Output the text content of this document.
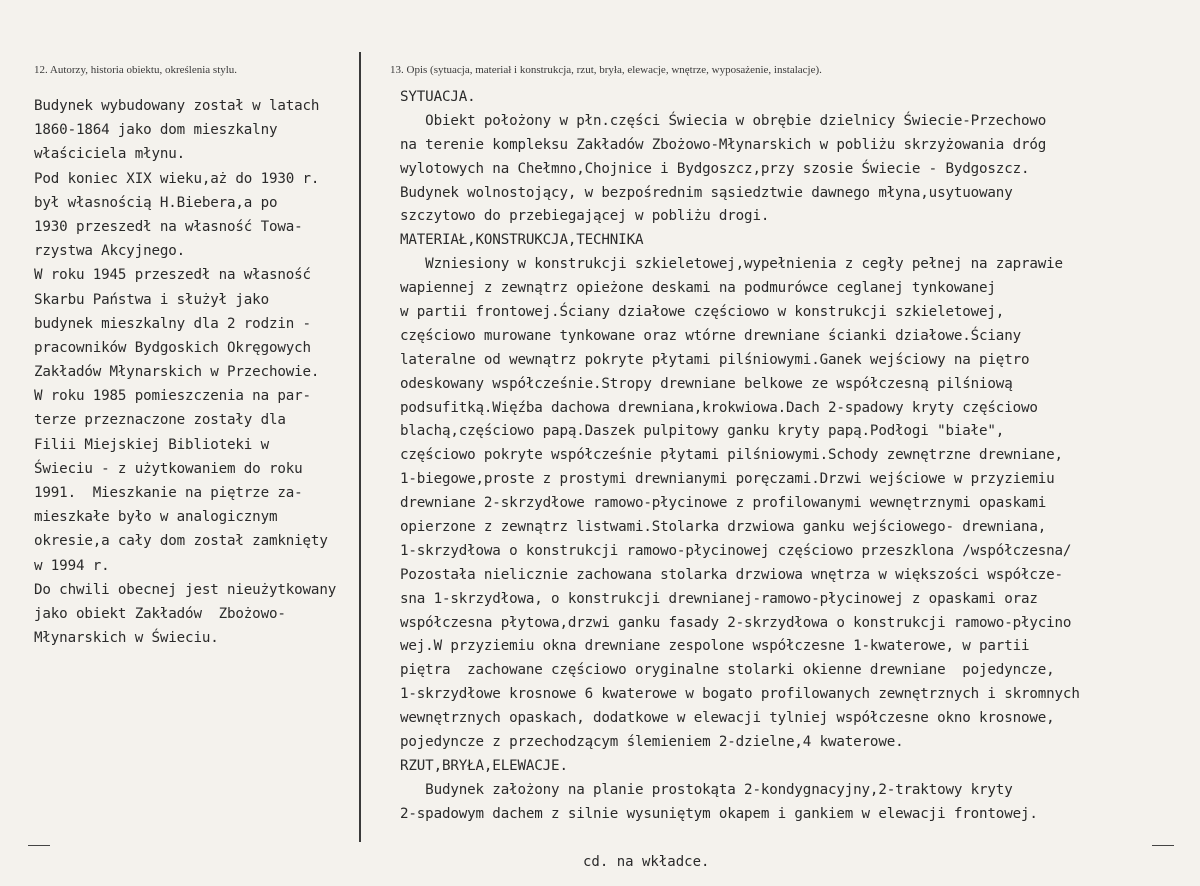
12. Autorzy, historia obiektu, określenia stylu.	13. Opis (sytuacja, materiał i konstrukcja, rzut, bryła, elewacje, wnętrze, wyposażenie, instalacje).
Budynek wybudowany został w latach
1860-1864 jako dom mieszkalny
właściciela młynu.
Pod koniec XIX wieku,aż do 1930 r.
był własnością H.Biebera,a po
1930 przeszedł na własność Towa-
rzystwa Akcyjnego.
W roku 1945 przeszedł na własność
Skarbu Państwa i służył jako
budynek mieszkalny dla 2 rodzin -
pracowników Bydgoskich Okręgowych
Zakładów Młynarskich w Przechowie.
W roku 1985 pomieszczenia na par-
terze przeznaczone zostały dla
Filii Miejskiej Biblioteki w
Świeciu - z użytkowaniem do roku
1991.  Mieszkanie na piętrze za-
mieszkałe było w analogicznym
okresie,a cały dom został zamknięty
w 1994 r.
Do chwili obecnej jest nieużytkowany
jako obiekt Zakładów  Zbożowo-
Młynarskich w Świeciu.
SYTUACJA.
Obiekt położony w płn.części Świecia w obrębie dzielnicy Świecie-Przechowo
na terenie kompleksu Zakładów Zbożowo-Młynarskich w pobliżu skrzyżowania dróg
wylotowych na Chełmno,Chojnice i Bydgoszcz,przy szosie Świecie - Bydgoszcz.
Budynek wolnostojący, w bezpośrednim sąsiedztwie dawnego młyna,usytuowany
szczytowo do przebiegającej w pobliżu drogi.
MATERIAŁ,KONSTRUKCJA,TECHNIKA
Wzniesiony w konstrukcji szkieletowej,wypełnienia z cegły pełnej na zaprawie
wapiennej z zewnątrz opieżone deskami na podmurówce ceglanej tynkowanej
w partii frontowej.Ściany działowe częściowo w konstrukcji szkieletowej,
częściowo murowane tynkowane oraz wtórne drewniane ścianki działowe.Ściany
lateralne od wewnątrz pokryte płytami pilśniowymi.Ganek wejściowy na piętro
odeskowany współcześnie.Stropy drewniane belkowe ze współczesną pilśniową
podsufitką.Więźba dachowa drewniana,krokwiowa.Dach 2-spadowy kryty częściowo
blachą,częściowo papą.Daszek pulpitowy ganku kryty papą.Podłogi "białe",
częściowo pokryte współcześnie płytami pilśniowymi.Schody zewnętrzne drewniane,
1-biegowe,proste z prostymi drewnianymi poręczami.Drzwi wejściowe w przyziemiu
drewniane 2-skrzydłowe ramowo-płycinowe z profilowanymi wewnętrznymi opaskami
opierzone z zewnątrz listwami.Stolarka drzwiowa ganku wejściowego- drewniana,
1-skrzydłowa o konstrukcji ramowo-płycinowej częściowo przeszklona /współczesna/
Pozostała nielicznie zachowana stolarka drzwiowa wnętrza w większości współcze-
sna 1-skrzydłowa, o konstrukcji drewnianej-ramowo-płycinowej z opaskami oraz
współczesna płytowa,drzwi ganku fasady 2-skrzydłowa o konstrukcji ramowo-płycino
wej.W przyziemiu okna drewniane zespolone współczesne 1-kwaterowe, w partii
piętra  zachowane częściowo oryginalne stolarki okienne drewniane  pojedyncze,
1-skrzydłowe krosnowe 6 kwaterowe w bogato profilowanych zewnętrznych i skromnych
wewnętrznych opaskach, dodatkowe w elewacji tylniej współczesne okno krosnowe,
pojedyncze z przechodzącym ślemieniem 2-dzielne,4 kwaterowe.
RZUT,BRYŁA,ELEWACJE.
Budynek założony na planie prostokąta 2-kondygnacyjny,2-traktowy kryty
2-spadowym dachem z silnie wysuniętym okapem i gankiem w elewacji frontowej.
cd. na wkładce.
